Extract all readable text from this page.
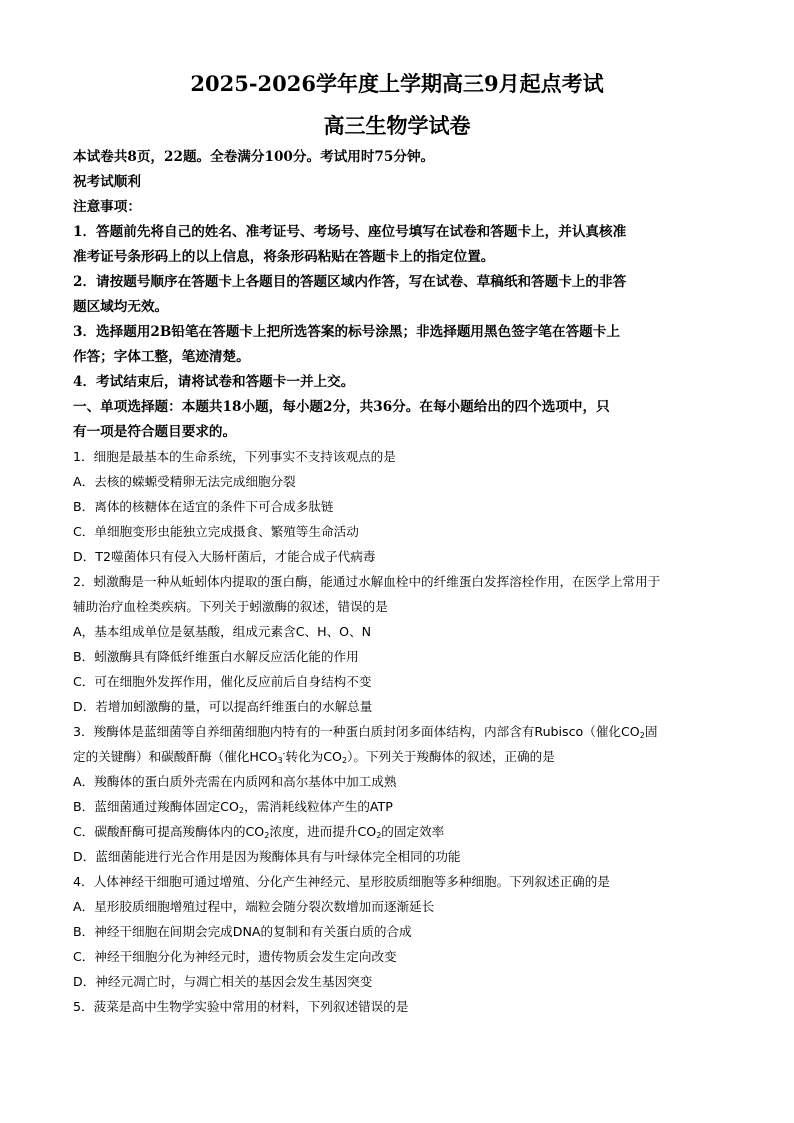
2025-2026学年度上学期高三9月起点考试
高三生物学试卷
本试卷共8页，22题。全卷满分100分。考试用时75分钟。
祝考试顺利
注意事项：
1．答题前先将自己的姓名、准考证号、考场号、座位号填写在试卷和答题卡上，并认真核准
准考证号条形码上的以上信息，将条形码粘贴在答题卡上的指定位置。
2．请按题号顺序在答题卡上各题目的答题区域内作答，写在试卷、草稿纸和答题卡上的非答
题区域均无效。
3．选择题用2B铅笔在答题卡上把所选答案的标号涂黑；非选择题用黑色签字笔在答题卡上
作答；字体工整，笔迹清楚。
4．考试结束后，请将试卷和答题卡一并上交。
一、单项选择题：本题共18小题，每小题2分，共36分。在每小题给出的四个选项中，只
有一项是符合题目要求的。
1．细胞是最基本的生命系统，下列事实不支持该观点的是
A．去核的蝾螈受精卵无法完成细胞分裂
B．离体的核糖体在适宜的条件下可合成多肽链
C．单细胞变形虫能独立完成摄食、繁殖等生命活动
D．T2噬菌体只有侵入大肠杆菌后，才能合成子代病毒
2．蚓激酶是一种从蚯蚓体内提取的蛋白酶，能通过水解血栓中的纤维蛋白发挥溶栓作用，在医学上常用于
辅助治疗血栓类疾病。下列关于蚓激酶的叙述，错误的是
A，基本组成单位是氨基酸，组成元素含C、H、O、N
B．蚓激酶具有降低纤维蛋白水解反应活化能的作用
C．可在细胞外发挥作用，催化反应前后自身结构不变
D．若增加蚓激酶的量，可以提高纤维蛋白的水解总量
3．羧酶体是蓝细菌等自养细菌细胞内特有的一种蛋白质封闭多面体结构，内部含有Rubisco（催化$CO_2$固
定的关键酶）和碳酸酐酶（催化$HCO_3^-$转化为$CO_2$）。下列关于羧酶体的叙述，正确的是
A．羧酶体的蛋白质外壳需在内质网和高尔基体中加工成熟
B．蓝细菌通过羧酶体固定$CO_2$，需消耗线粒体产生的ATP
C．碳酸酐酶可提高羧酶体内的$CO_2$浓度，进而提升$CO_2$的固定效率
D．蓝细菌能进行光合作用是因为羧酶体具有与叶绿体完全相同的功能
4．人体神经干细胞可通过增殖、分化产生神经元、星形胶质细胞等多种细胞。下列叙述正确的是
A．星形胶质细胞增殖过程中，端粒会随分裂次数增加而逐渐延长
B．神经干细胞在间期会完成DNA的复制和有关蛋白质的合成
C．神经干细胞分化为神经元时，遗传物质会发生定向改变
D．神经元凋亡时，与凋亡相关的基因会发生基因突变
5．菠菜是高中生物学实验中常用的材料，下列叙述错误的是
